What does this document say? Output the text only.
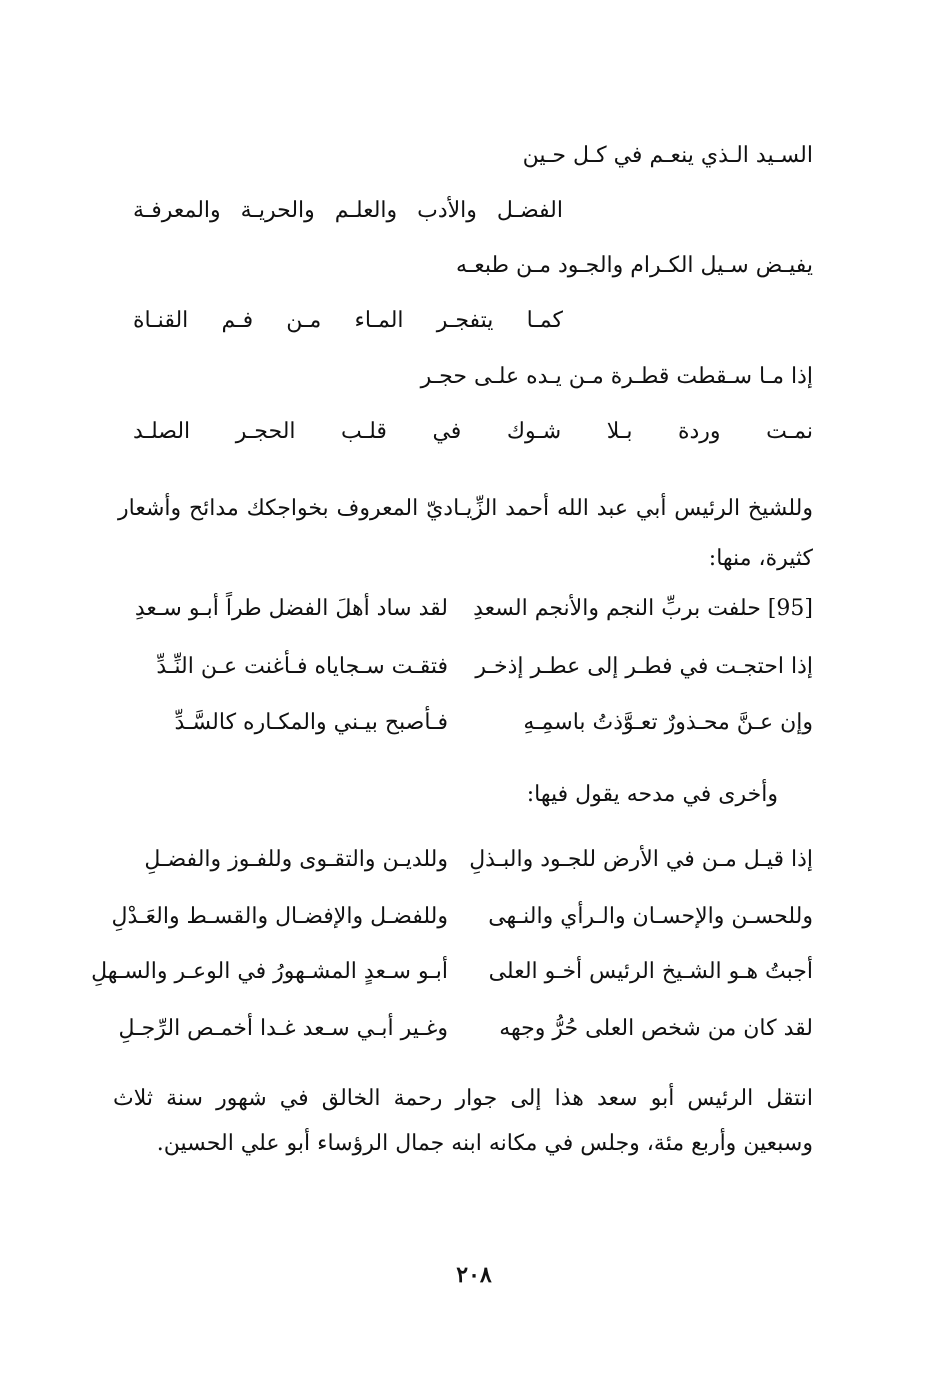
السـيد الـذي ينعـم في كـل حـين
الفضـل والأدب والعلـم والحريـة والمعرفـة
يفيـض سـيل الكـرام والجـود مـن طبعـه
كمـا يتفجـر المـاء مـن فـم القنـاة
إذا مـا سـقطت قطـرة مـن يـده علـى حجـر
نمـت وردة بـلا شـوك في قلـب الحجـر الصلـد
وللشيخ الرئيس أبي عبد الله أحمد الزِّيـاديّ المعروف بخواجكك مدائح وأشعار كثيرة، منها:
[95] حلفت بربِّ النجم والأنجم السعدِ
لقد ساد أهلَ الفضل طراً أبـو سـعدِ
إذا احتجـت في فطـر إلى عطـر إذخـر
فتقـت سـجاياه فـأغنت عـن النِّـدِّ
وإن عـنَّ محـذورٌ تعـوَّذتُ باسمِـهِ
فـأصبح بيـني والمكـاره كالسَّـدِّ
وأخرى في مدحه يقول فيها:
إذا قيـل مـن في الأرض للجـود والبـذلِ
وللديـن والتقـوى وللفـوز والفضـلِ
وللحسـن والإحسـان والـرأي والنـهى
وللفضـل والإفضـال والقسـط والعَـدْلِ
أجبتُ هـو الشـيخ الرئيس أخـو العلى
أبـو سـعدٍ المشـهورُ في الوعـر والسـهلِ
لقد كان من شخص العلى حُرُّ وجهه
وغـير أبـي سـعد غـدا أخمـص الرِّجـلِ
انتقل الرئيس أبو سعد هذا إلى جوار رحمة الخالق في شهور سنة ثلاث وسبعين وأربع مئة، وجلس في مكانه ابنه جمال الرؤساء أبو علي الحسين.
٢٠٨
